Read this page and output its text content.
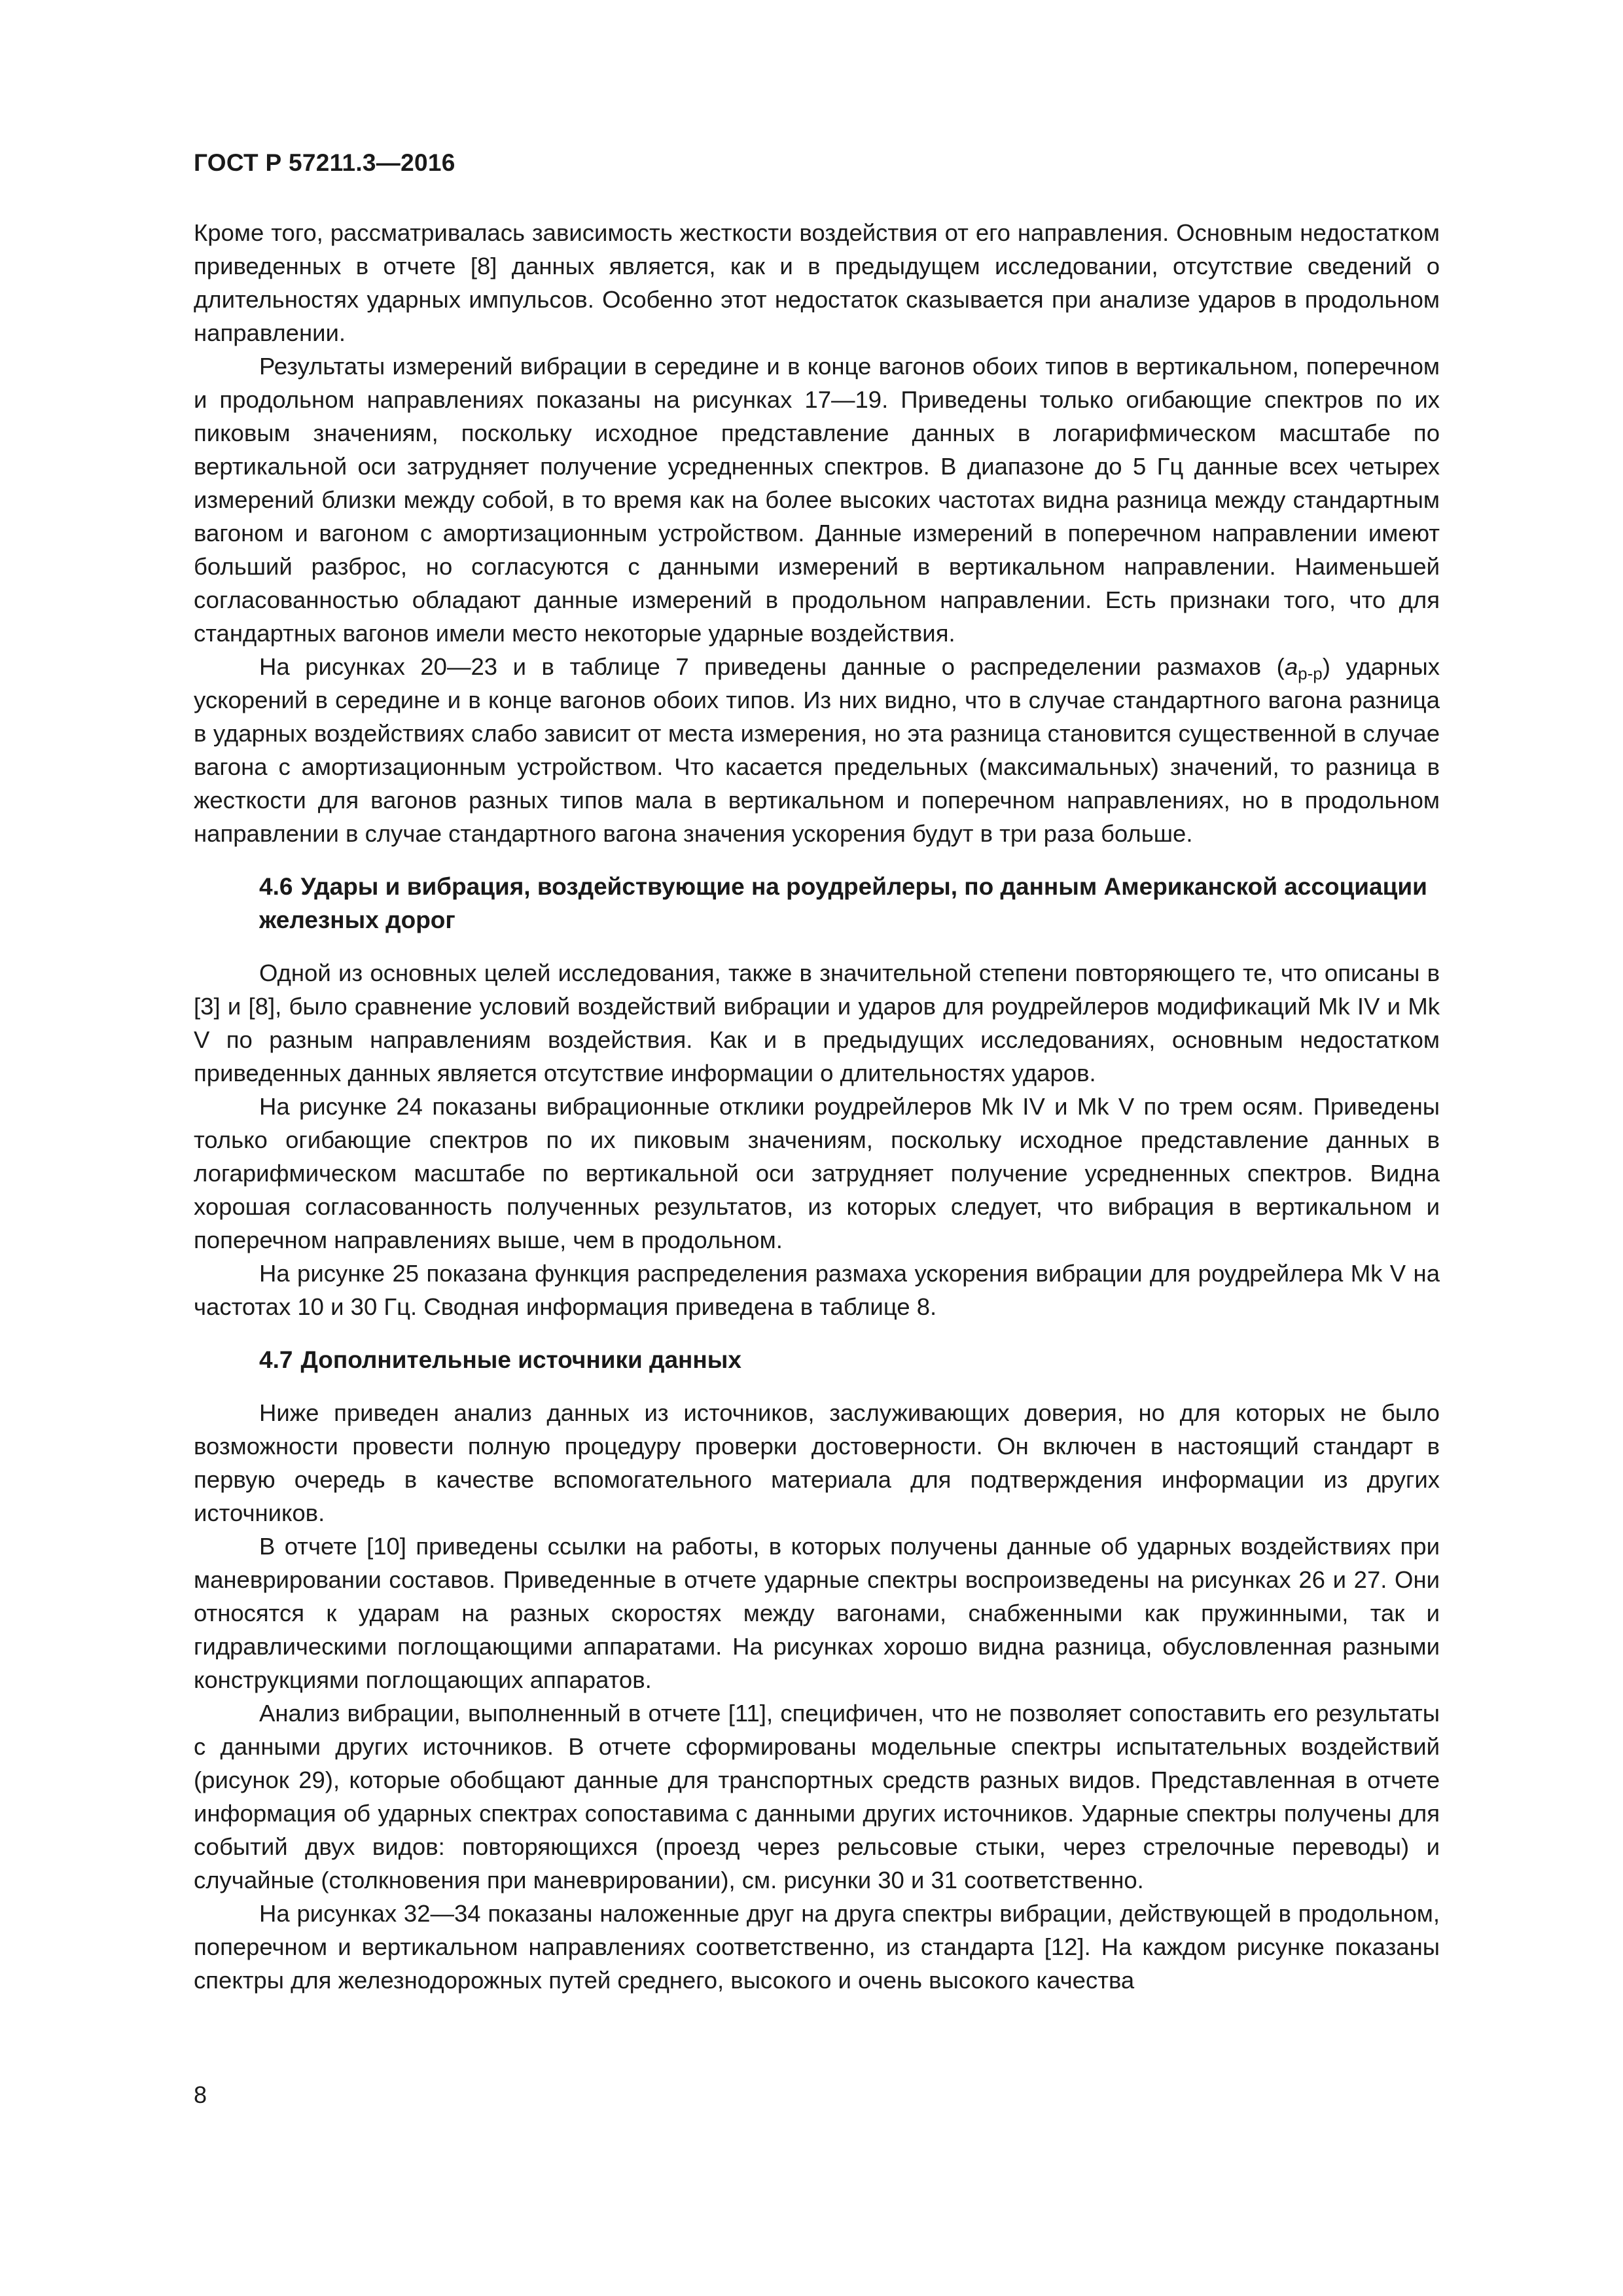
ГОСТ Р 57211.3—2016

Кроме того, рассматривалась зависимость жесткости воздействия от его направления. Основным недостатком приведенных в отчете [8] данных является, как и в предыдущем исследовании, отсутствие сведений о длительностях ударных импульсов. Особенно этот недостаток сказывается при анализе ударов в продольном направлении.

Результаты измерений вибрации в середине и в конце вагонов обоих типов в вертикальном, поперечном и продольном направлениях показаны на рисунках 17—19. Приведены только огибающие спектров по их пиковым значениям, поскольку исходное представление данных в логарифмическом масштабе по вертикальной оси затрудняет получение усредненных спектров. В диапазоне до 5 Гц данные всех четырех измерений близки между собой, в то время как на более высоких частотах видна разница между стандартным вагоном и вагоном с амортизационным устройством. Данные измерений в поперечном направлении имеют больший разброс, но согласуются с данными измерений в вертикальном направлении. Наименьшей согласованностью обладают данные измерений в продольном направлении. Есть признаки того, что для стандартных вагонов имели место некоторые ударные воздействия.

На рисунках 20—23 и в таблице 7 приведены данные о распределении размахов $(a_{p-p})$ ударных ускорений в середине и в конце вагонов обоих типов. Из них видно, что в случае стандартного вагона разница в ударных воздействиях слабо зависит от места измерения, но эта разница становится существенной в случае вагона с амортизационным устройством. Что касается предельных (максимальных) значений, то разница в жесткости для вагонов разных типов мала в вертикальном и поперечном направлениях, но в продольном направлении в случае стандартного вагона значения ускорения будут в три раза больше.

4.6 Удары и вибрация, воздействующие на роудрейлеры, по данным Американской ассоциации железных дорог

Одной из основных целей исследования, также в значительной степени повторяющего те, что описаны в [3] и [8], было сравнение условий воздействий вибрации и ударов для роудрейлеров модификаций Mk IV и Mk V по разным направлениям воздействия. Как и в предыдущих исследованиях, основным недостатком приведенных данных является отсутствие информации о длительностях ударов.

На рисунке 24 показаны вибрационные отклики роудрейлеров Mk IV и Mk V по трем осям. Приведены только огибающие спектров по их пиковым значениям, поскольку исходное представление данных в логарифмическом масштабе по вертикальной оси затрудняет получение усредненных спектров. Видна хорошая согласованность полученных результатов, из которых следует, что вибрация в вертикальном и поперечном направлениях выше, чем в продольном.

На рисунке 25 показана функция распределения размаха ускорения вибрации для роудрейлера Mk V на частотах 10 и 30 Гц. Сводная информация приведена в таблице 8.

4.7 Дополнительные источники данных

Ниже приведен анализ данных из источников, заслуживающих доверия, но для которых не было возможности провести полную процедуру проверки достоверности. Он включен в настоящий стандарт в первую очередь в качестве вспомогательного материала для подтверждения информации из других источников.

В отчете [10] приведены ссылки на работы, в которых получены данные об ударных воздействиях при маневрировании составов. Приведенные в отчете ударные спектры воспроизведены на рисунках 26 и 27. Они относятся к ударам на разных скоростях между вагонами, снабженными как пружинными, так и гидравлическими поглощающими аппаратами. На рисунках хорошо видна разница, обусловленная разными конструкциями поглощающих аппаратов.

Анализ вибрации, выполненный в отчете [11], специфичен, что не позволяет сопоставить его результаты с данными других источников. В отчете сформированы модельные спектры испытательных воздействий (рисунок 29), которые обобщают данные для транспортных средств разных видов. Представленная в отчете информация об ударных спектрах сопоставима с данными других источников. Ударные спектры получены для событий двух видов: повторяющихся (проезд через рельсовые стыки, через стрелочные переводы) и случайные (столкновения при маневрировании), см. рисунки 30 и 31 соответственно.

На рисунках 32—34 показаны наложенные друг на друга спектры вибрации, действующей в продольном, поперечном и вертикальном направлениях соответственно, из стандарта [12]. На каждом рисунке показаны спектры для железнодорожных путей среднего, высокого и очень высокого качества

8
